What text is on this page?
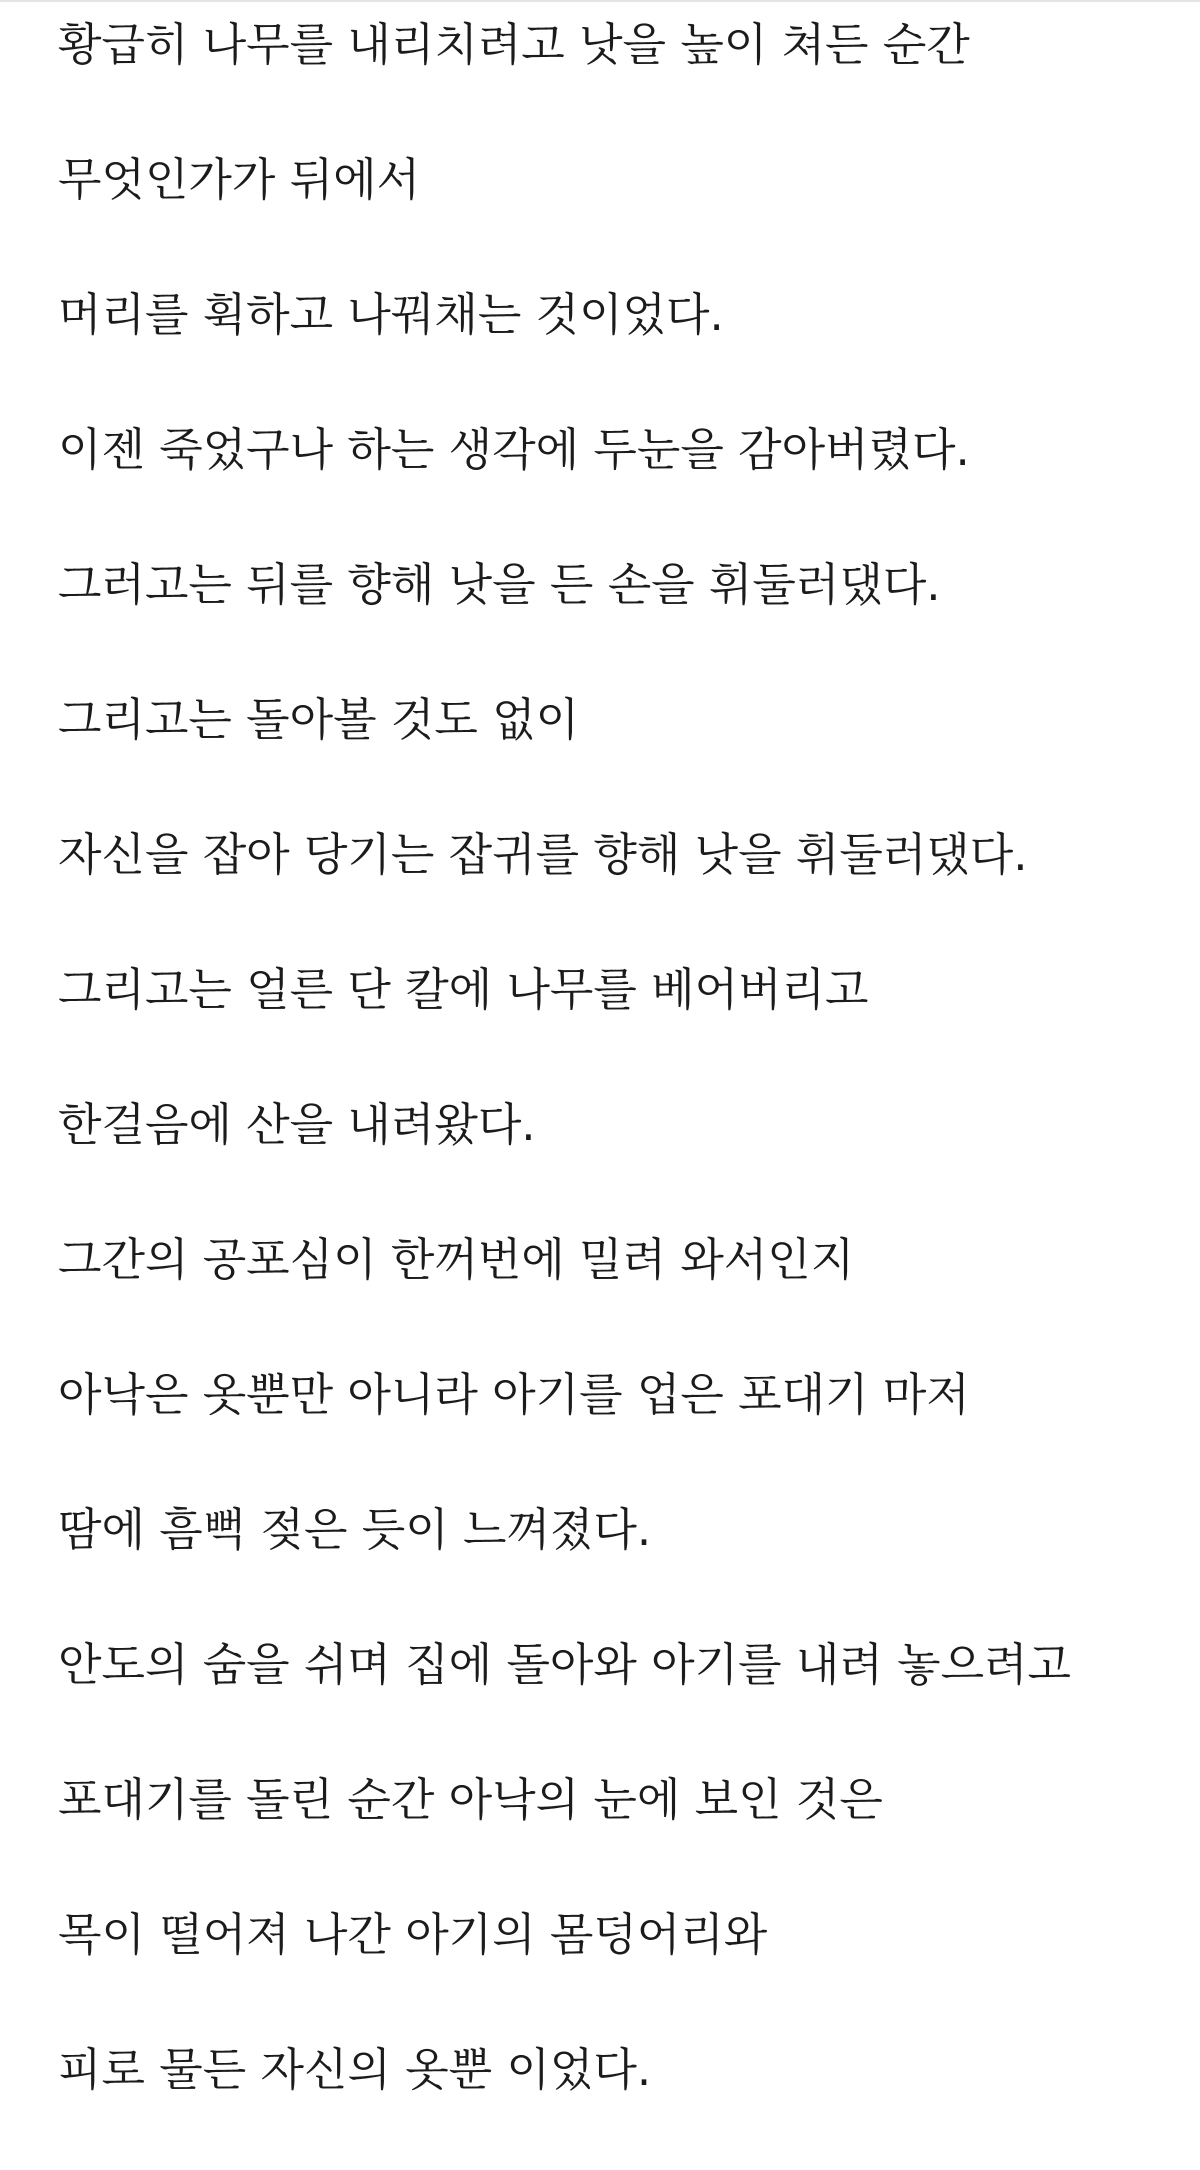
황급히 나무를 내리치려고 낫을 높이 쳐든 순간
무엇인가가 뒤에서
머리를 휙하고 나꿔채는 것이었다.
이젠 죽었구나 하는 생각에 두눈을 감아버렸다.
그러고는 뒤를 향해 낫을 든 손을 휘둘러댔다.
그리고는 돌아볼 것도 없이
자신을 잡아 당기는 잡귀를 향해 낫을 휘둘러댔다.
그리고는 얼른 단 칼에 나무를 베어버리고
한걸음에 산을 내려왔다.
그간의 공포심이 한꺼번에 밀려 와서인지
아낙은 옷뿐만 아니라 아기를 업은 포대기 마저
땀에 흠뻑 젖은 듯이 느껴졌다.
안도의 숨을 쉬며 집에 돌아와 아기를 내려 놓으려고
포대기를 돌린 순간 아낙의 눈에 보인 것은
목이 떨어져 나간 아기의 몸덩어리와
피로 물든 자신의 옷뿐 이었다.
